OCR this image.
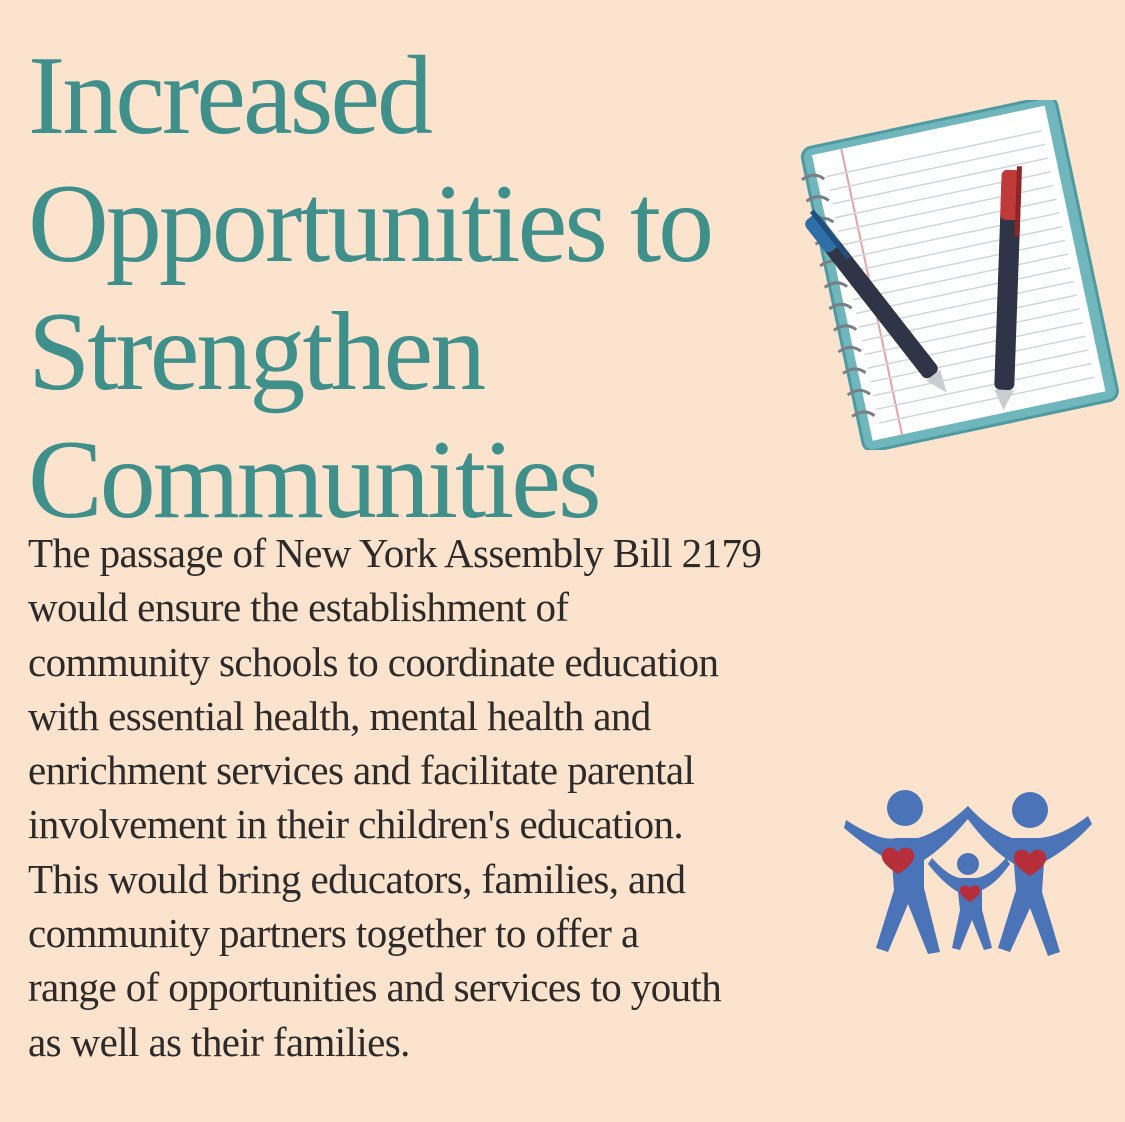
Increased
Opportunities to
Strengthen
Communities

The passage of New York Assembly Bill 2179
would ensure the establishment of
community schools to coordinate education
with essential health, mental health and
enrichment services and facilitate parental
involvement in their children's education.
This would bring educators, families, and
community partners together to offer a
range of opportunities and services to youth
as well as their families.
